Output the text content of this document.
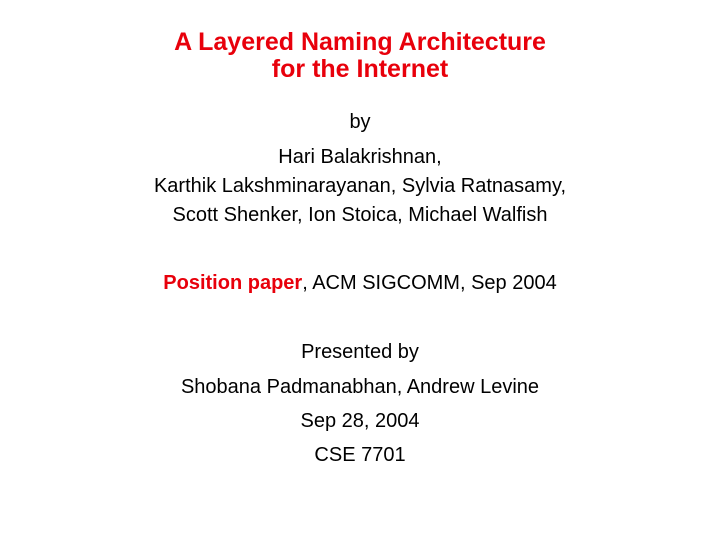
A Layered Naming Architecture
for the Internet
by
Hari Balakrishnan,
Karthik Lakshminarayanan, Sylvia Ratnasamy,
Scott Shenker, Ion Stoica, Michael Walfish
Position paper, ACM SIGCOMM, Sep 2004
Presented by
Shobana Padmanabhan, Andrew Levine
Sep 28, 2004
CSE 7701
